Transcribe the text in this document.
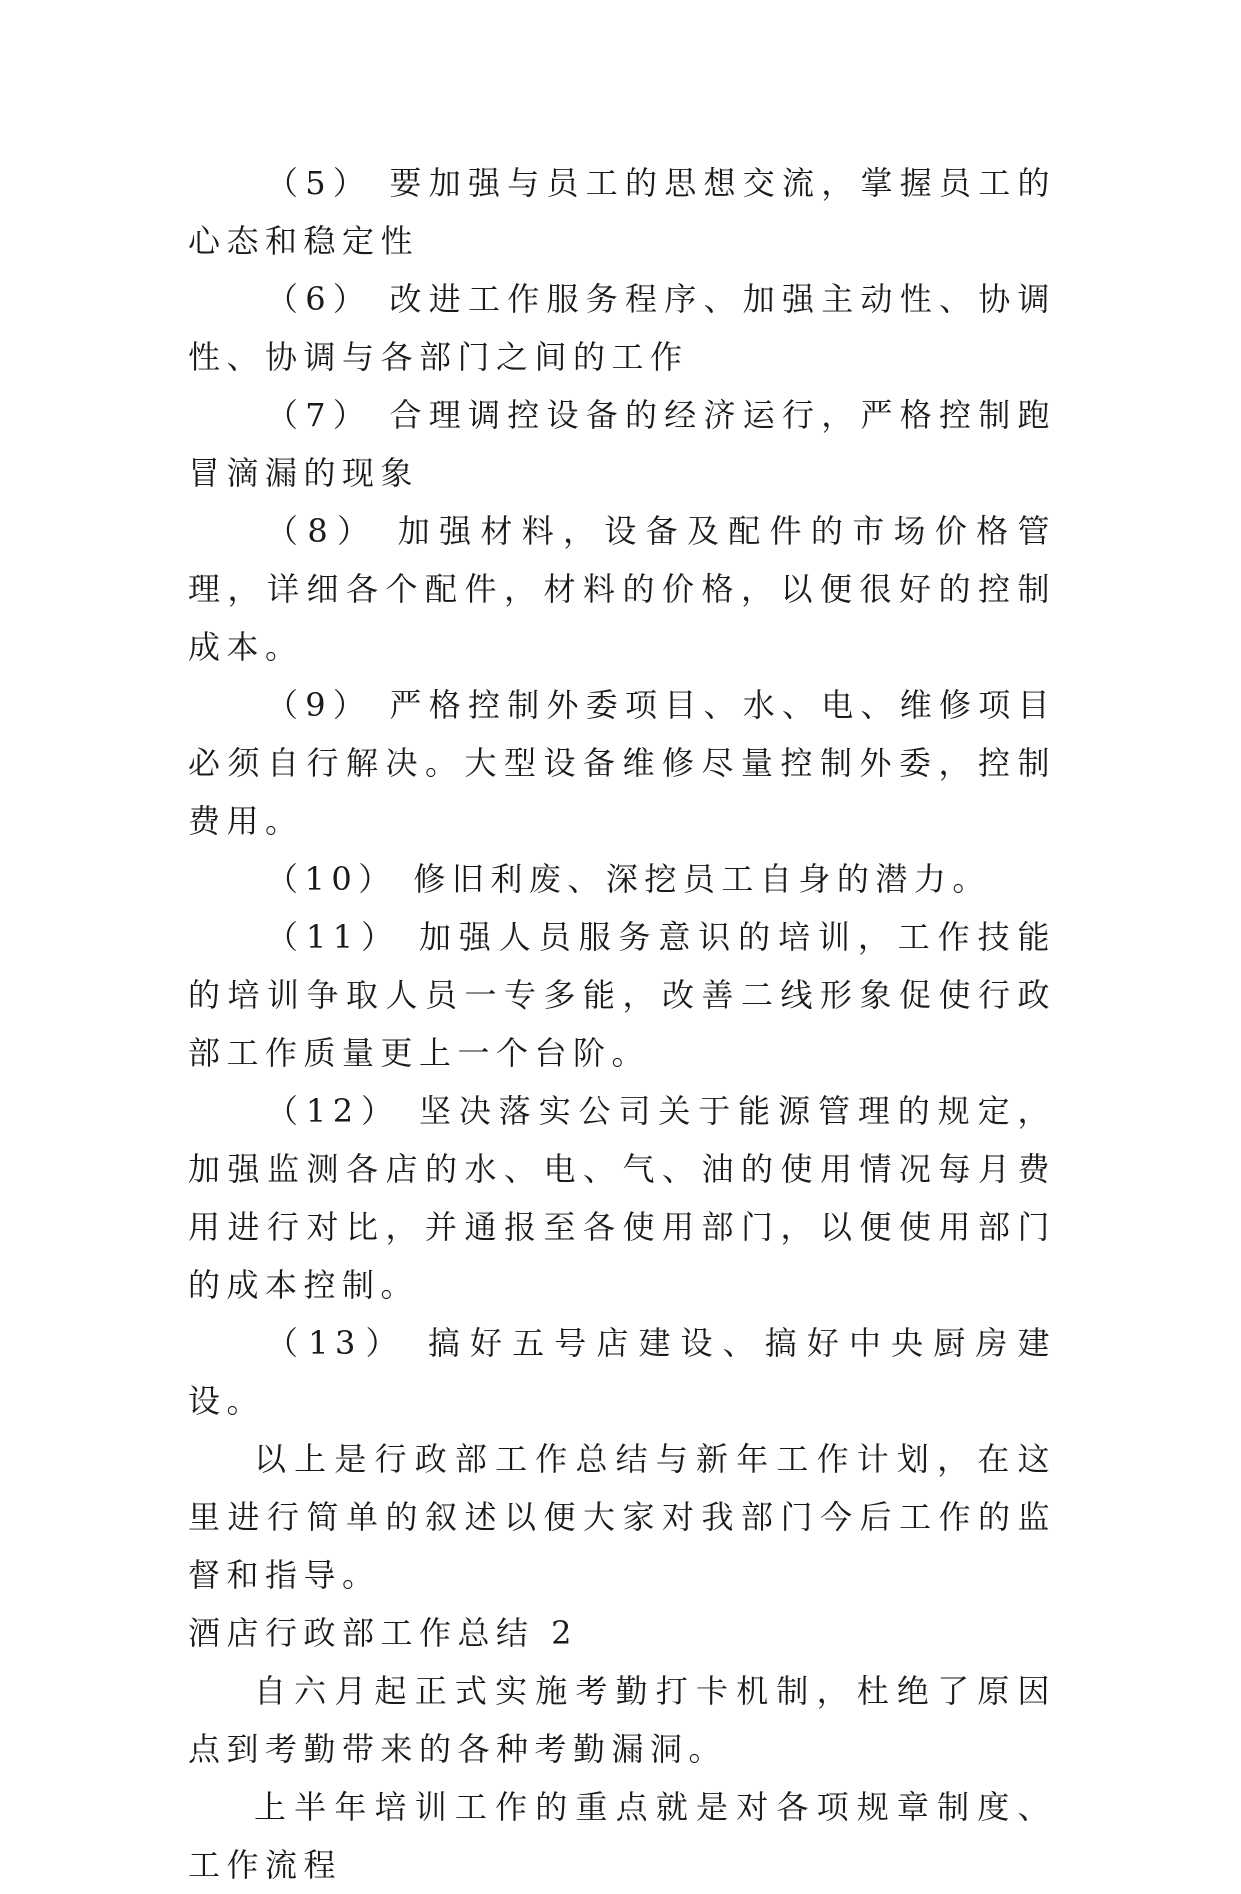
（5） 要加强与员工的思想交流，掌握员工的心态和稳定性

（6） 改进工作服务程序、加强主动性、协调性、协调与各部门之间的工作

（7） 合理调控设备的经济运行，严格控制跑冒滴漏的现象

（8） 加强材料，设备及配件的市场价格管理，详细各个配件，材料的价格，以便很好的控制成本。

（9） 严格控制外委项目、水、电、维修项目必须自行解决。大型设备维修尽量控制外委，控制费用。

（10） 修旧利废、深挖员工自身的潜力。

（11） 加强人员服务意识的培训，工作技能的培训争取人员一专多能，改善二线形象促使行政部工作质量更上一个台阶。

（12） 坚决落实公司关于能源管理的规定，加强监测各店的水、电、气、油的使用情况每月费用进行对比，并通报至各使用部门，以便使用部门的成本控制。

（13） 搞好五号店建设、搞好中央厨房建设。

以上是行政部工作总结与新年工作计划，在这里进行简单的叙述以便大家对我部门今后工作的监督和指导。

酒店行政部工作总结 2

自六月起正式实施考勤打卡机制，杜绝了原因点到考勤带来的各种考勤漏洞。

上半年培训工作的重点就是对各项规章制度、工作流程
